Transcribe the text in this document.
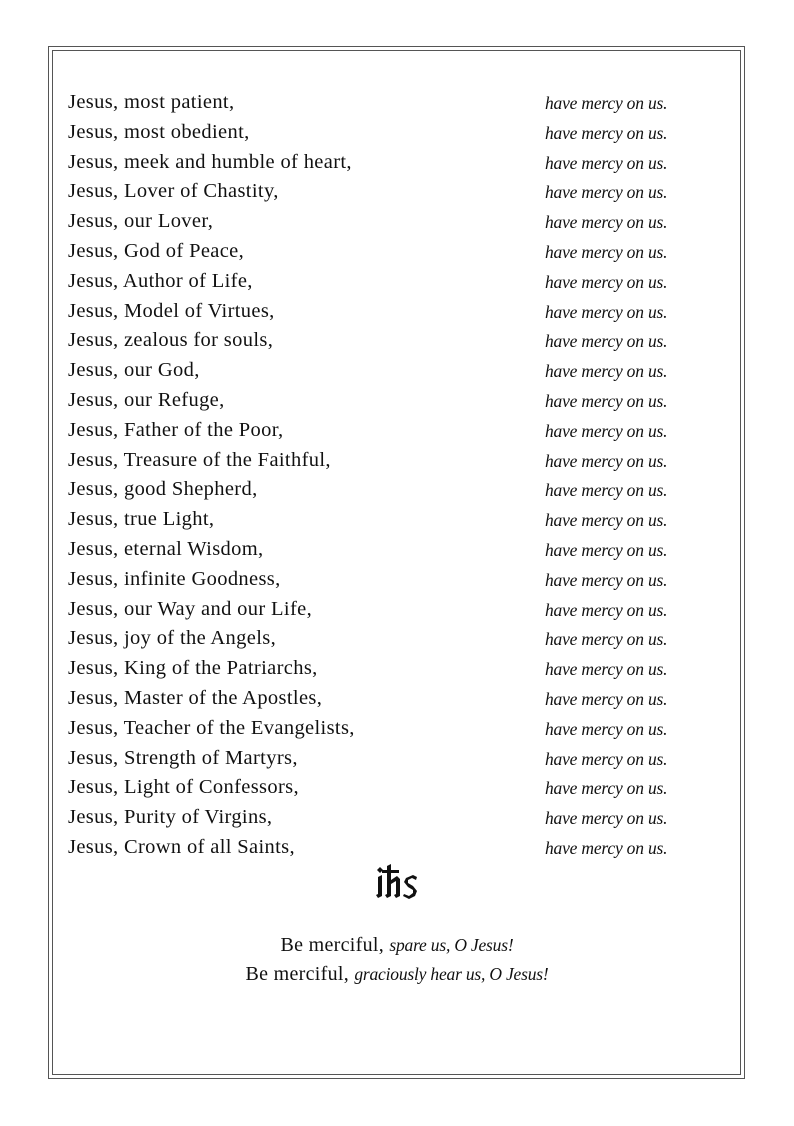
Jesus, most patient,	have mercy on us.
Jesus, most obedient,	have mercy on us.
Jesus, meek and humble of heart,	have mercy on us.
Jesus, Lover of Chastity,	have mercy on us.
Jesus, our Lover,	have mercy on us.
Jesus, God of Peace,	have mercy on us.
Jesus, Author of Life,	have mercy on us.
Jesus, Model of Virtues,	have mercy on us.
Jesus, zealous for souls,	have mercy on us.
Jesus, our God,	have mercy on us.
Jesus, our Refuge,	have mercy on us.
Jesus, Father of the Poor,	have mercy on us.
Jesus, Treasure of the Faithful,	have mercy on us.
Jesus, good Shepherd,	have mercy on us.
Jesus, true Light,	have mercy on us.
Jesus, eternal Wisdom,	have mercy on us.
Jesus, infinite Goodness,	have mercy on us.
Jesus, our Way and our Life,	have mercy on us.
Jesus, joy of the Angels,	have mercy on us.
Jesus, King of the Patriarchs,	have mercy on us.
Jesus, Master of the Apostles,	have mercy on us.
Jesus, Teacher of the Evangelists,	have mercy on us.
Jesus, Strength of Martyrs,	have mercy on us.
Jesus, Light of Confessors,	have mercy on us.
Jesus, Purity of Virgins,	have mercy on us.
Jesus, Crown of all Saints,	have mercy on us.
Be merciful, spare us, O Jesus!
Be merciful, graciously hear us, O Jesus!
